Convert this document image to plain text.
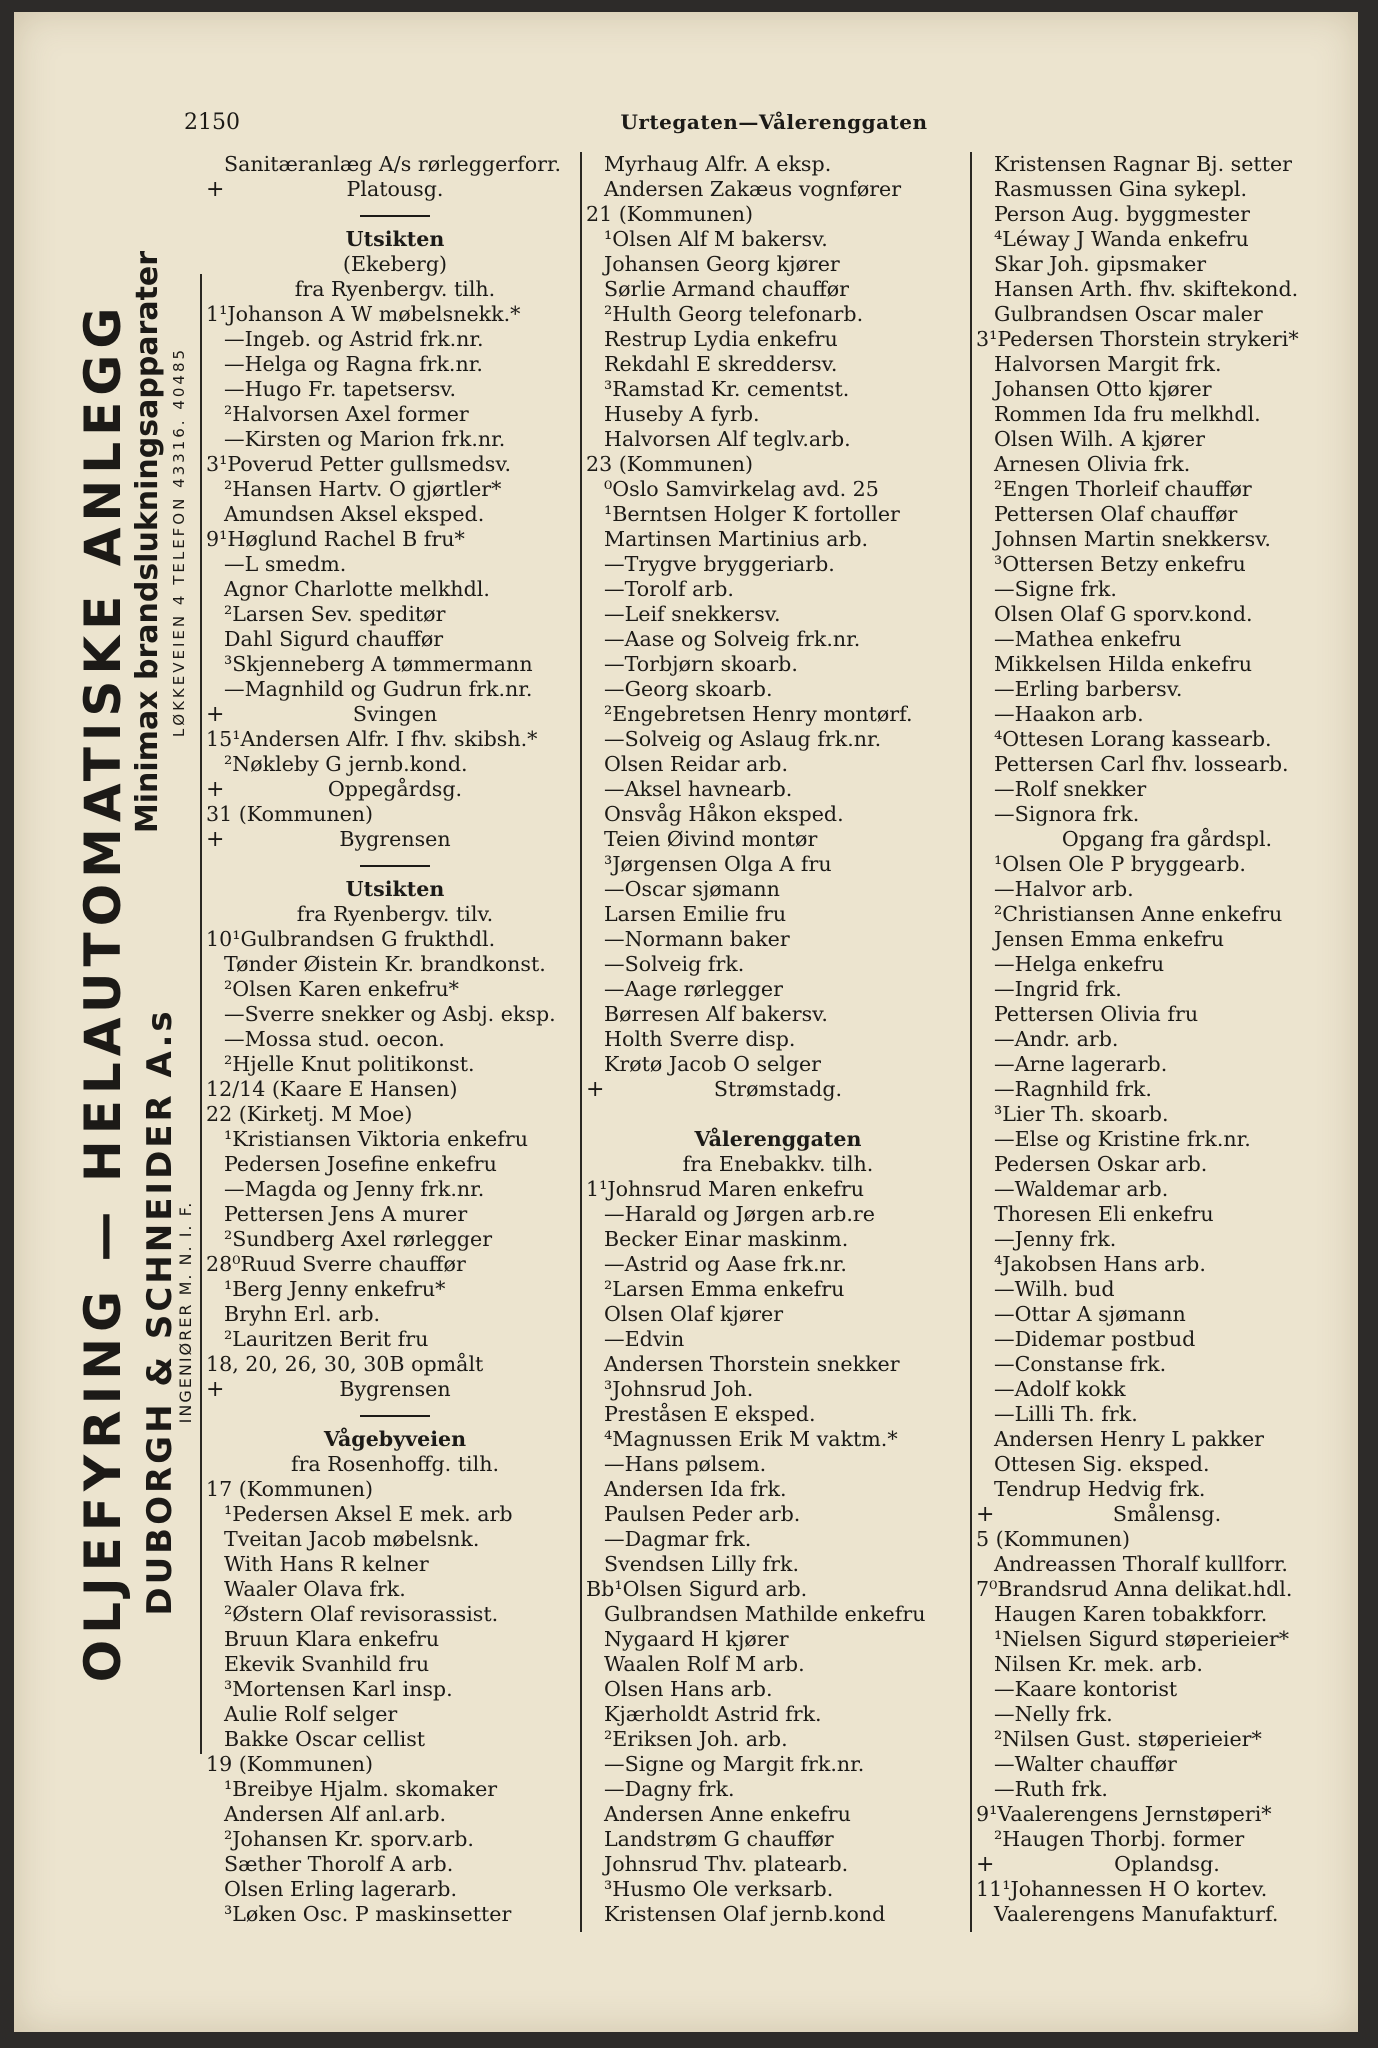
2150	Urtegaten—Vålerenggaten
OLJEFYRING — HELAUTOMATISKE ANLEGG DUBORGH & SCHNEIDER A.s
Minimax brandslukningsapparater LØKKEVEIEN 4 TELEFON 43316. 40485
INGENIØRER M. N. I. F.
Sanitæranlæg A/s rørleggerforr.
+	Platousg.
Utsikten
(Ekeberg)
fra Ryenbergv. tilh.
1¹Johanson A W møbelsnekk.*
—Ingeb. og Astrid frk.nr.
—Helga og Ragna frk.nr.
—Hugo Fr. tapetsersv.
²Halvorsen Axel former
—Kirsten og Marion frk.nr.
3¹Poverud Petter gullsmedsv.
²Hansen Hartv. O gjørtler*
Amundsen Aksel eksped.
9¹Høglund Rachel B fru*
—L smedm.
Agnor Charlotte melkhdl.
²Larsen Sev. speditør
Dahl Sigurd chauffør
³Skjenneberg A tømmermann
—Magnhild og Gudrun frk.nr.
+	Svingen
15¹Andersen Alfr. I fhv. skibsh.*
²Nøkleby G jernb.kond.
+	Oppegårdsg.
31 (Kommunen)
+	Bygrensen
Utsikten
fra Ryenbergv. tilv.
10¹Gulbrandsen G frukthdl.
Tønder Øistein Kr. brandkonst.
²Olsen Karen enkefru*
—Sverre snekker og Asbj. eksp.
—Mossa stud. oecon.
²Hjelle Knut politikonst.
12/14 (Kaare E Hansen)
22 (Kirketj. M Moe)
¹Kristiansen Viktoria enkefru
Pedersen Josefine enkefru
—Magda og Jenny frk.nr.
Pettersen Jens A murer
²Sundberg Axel rørlegger
28⁰Ruud Sverre chauffør
¹Berg Jenny enkefru*
Bryhn Erl. arb.
²Lauritzen Berit fru
18, 20, 26, 30, 30B opmålt
+	Bygrensen
Vågebyveien
fra Rosenhoffg. tilh.
17 (Kommunen)
¹Pedersen Aksel E mek. arb
Tveitan Jacob møbelsnk.
With Hans R kelner
Waaler Olava frk.
²Østern Olaf revisorassist.
Bruun Klara enkefru
Ekevik Svanhild fru
³Mortensen Karl insp.
Aulie Rolf selger
Bakke Oscar cellist
19 (Kommunen)
¹Breibye Hjalm. skomaker
Andersen Alf anl.arb.
²Johansen Kr. sporv.arb.
Sæther Thorolf A arb.
Olsen Erling lagerarb.
³Løken Osc. P maskinsetter
Myrhaug Alfr. A eksp.
Andersen Zakæus vognfører
21 (Kommunen)
¹Olsen Alf M bakersv.
Johansen Georg kjører
Sørlie Armand chauffør
²Hulth Georg telefonarb.
Restrup Lydia enkefru
Rekdahl E skreddersv.
³Ramstad Kr. cementst.
Huseby A fyrb.
Halvorsen Alf teglv.arb.
23 (Kommunen)
⁰Oslo Samvirkelag avd. 25
¹Berntsen Holger K fortoller
Martinsen Martinius arb.
—Trygve bryggeriarb.
—Torolf arb.
—Leif snekkersv.
—Aase og Solveig frk.nr.
—Torbjørn skoarb.
—Georg skoarb.
²Engebretsen Henry montørf.
—Solveig og Aslaug frk.nr.
Olsen Reidar arb.
—Aksel havnearb.
Onsvåg Håkon eksped.
Teien Øivind montør
³Jørgensen Olga A fru
—Oscar sjømann
Larsen Emilie fru
—Normann baker
—Solveig frk.
—Aage rørlegger
Børresen Alf bakersv.
Holth Sverre disp.
Krøtø Jacob O selger
+	Strømstadg.
Vålerenggaten
fra Enebakkv. tilh.
1¹Johnsrud Maren enkefru
—Harald og Jørgen arb.re
Becker Einar maskinm.
—Astrid og Aase frk.nr.
²Larsen Emma enkefru
Olsen Olaf kjører
—Edvin
Andersen Thorstein snekker
³Johnsrud Joh.
Preståsen E eksped.
⁴Magnussen Erik M vaktm.*
—Hans pølsem.
Andersen Ida frk.
Paulsen Peder arb.
—Dagmar frk.
Svendsen Lilly frk.
Bb¹Olsen Sigurd arb.
Gulbrandsen Mathilde enkefru
Nygaard H kjører
Waalen Rolf M arb.
Olsen Hans arb.
Kjærholdt Astrid frk.
²Eriksen Joh. arb.
—Signe og Margit frk.nr.
—Dagny frk.
Andersen Anne enkefru
Landstrøm G chauffør
Johnsrud Thv. platearb.
³Husmo Ole verksarb.
Kristensen Olaf jernb.kond
Kristensen Ragnar Bj. setter
Rasmussen Gina sykepl.
Person Aug. byggmester
⁴Léway J Wanda enkefru
Skar Joh. gipsmaker
Hansen Arth. fhv. skiftekond.
Gulbrandsen Oscar maler
3¹Pedersen Thorstein strykeri*
Halvorsen Margit frk.
Johansen Otto kjører
Rommen Ida fru melkhdl.
Olsen Wilh. A kjører
Arnesen Olivia frk.
²Engen Thorleif chauffør
Pettersen Olaf chauffør
Johnsen Martin snekkersv.
³Ottersen Betzy enkefru
—Signe frk.
Olsen Olaf G sporv.kond.
—Mathea enkefru
Mikkelsen Hilda enkefru
—Erling barbersv.
—Haakon arb.
⁴Ottesen Lorang kassearb.
Pettersen Carl fhv. lossearb.
—Rolf snekker
—Signora frk.
Opgang fra gårdspl.
¹Olsen Ole P bryggearb.
—Halvor arb.
²Christiansen Anne enkefru
Jensen Emma enkefru
—Helga enkefru
—Ingrid frk.
Pettersen Olivia fru
—Andr. arb.
—Arne lagerarb.
—Ragnhild frk.
³Lier Th. skoarb.
—Else og Kristine frk.nr.
Pedersen Oskar arb.
—Waldemar arb.
Thoresen Eli enkefru
—Jenny frk.
⁴Jakobsen Hans arb.
—Wilh. bud
—Ottar A sjømann
—Didemar postbud
—Constanse frk.
—Adolf kokk
—Lilli Th. frk.
Andersen Henry L pakker
Ottesen Sig. eksped.
Tendrup Hedvig frk.
+	Smålensg.
5 (Kommunen)
Andreassen Thoralf kullforr.
7⁰Brandsrud Anna delikat.hdl.
Haugen Karen tobakkforr.
¹Nielsen Sigurd støperieier*
Nilsen Kr. mek. arb.
—Kaare kontorist
—Nelly frk.
²Nilsen Gust. støperieier*
—Walter chauffør
—Ruth frk.
9¹Vaalerengens Jernstøperi*
²Haugen Thorbj. former
+	Oplandsg.
11¹Johannessen H O kortev.
Vaalerengens Manufakturf.
